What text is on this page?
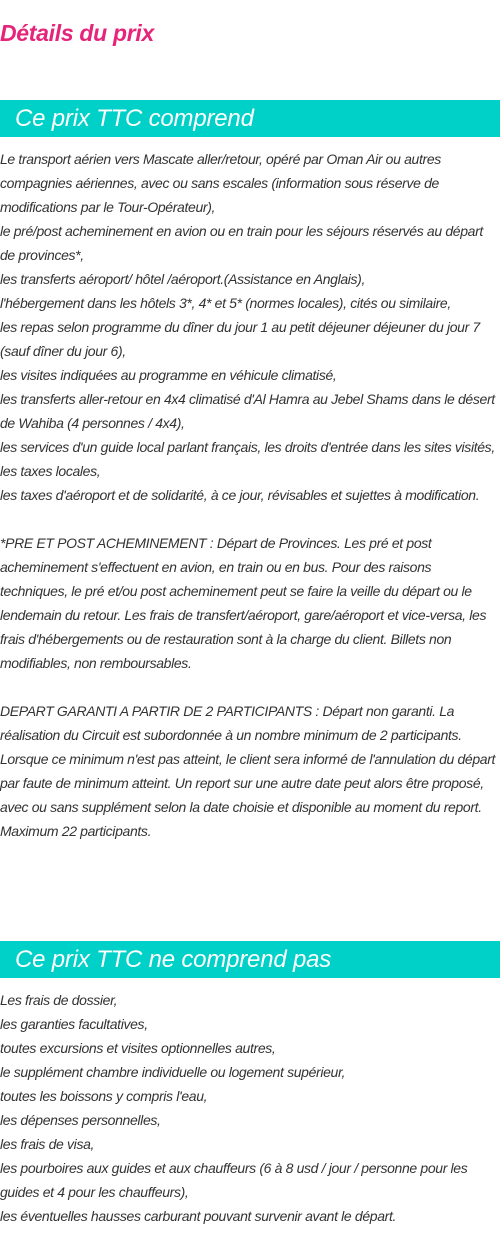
Détails du prix
Ce prix TTC comprend
Le transport aérien vers Mascate aller/retour, opéré par Oman Air ou autres compagnies aériennes, avec ou sans escales (information sous réserve de modifications par le Tour-Opérateur),
le pré/post acheminement en avion ou en train pour les séjours réservés au départ de provinces*,
les transferts aéroport/ hôtel /aéroport.(Assistance en Anglais),
l'hébergement dans les hôtels 3*, 4* et 5* (normes locales), cités ou similaire,
les repas selon programme du dîner du jour 1 au petit déjeuner déjeuner du jour 7 (sauf dîner du jour 6),
les visites indiquées au programme en véhicule climatisé,
les transferts aller-retour en 4x4 climatisé d'Al Hamra au Jebel Shams dans le désert de Wahiba (4 personnes / 4x4),
les services d'un guide local parlant français, les droits d'entrée dans les sites visités,
les taxes locales,
les taxes d'aéroport et de solidarité, à ce jour, révisables et sujettes à modification.
*PRE ET POST ACHEMINEMENT : Départ de Provinces. Les pré et post acheminement s'effectuent en avion, en train ou en bus. Pour des raisons techniques, le pré et/ou post acheminement peut se faire la veille du départ ou le lendemain du retour. Les frais de transfert/aéroport, gare/aéroport et vice-versa, les frais d'hébergements ou de restauration sont à la charge du client. Billets non modifiables, non remboursables.
DEPART GARANTI A PARTIR DE 2 PARTICIPANTS : Départ non garanti. La réalisation du Circuit est subordonnée à un nombre minimum de 2 participants. Lorsque ce minimum n'est pas atteint, le client sera informé de l'annulation du départ par faute de minimum atteint. Un report sur une autre date peut alors être proposé, avec ou sans supplément selon la date choisie et disponible au moment du report. Maximum 22 participants.
Ce prix TTC ne comprend pas
Les frais de dossier,
les garanties facultatives,
toutes excursions et visites optionnelles autres,
le supplément chambre individuelle ou logement supérieur,
toutes les boissons y compris l'eau,
les dépenses personnelles,
les frais de visa,
les pourboires aux guides et aux chauffeurs (6 à 8 usd / jour / personne pour les guides et 4 pour les chauffeurs),
les éventuelles hausses carburant pouvant survenir avant le départ.
